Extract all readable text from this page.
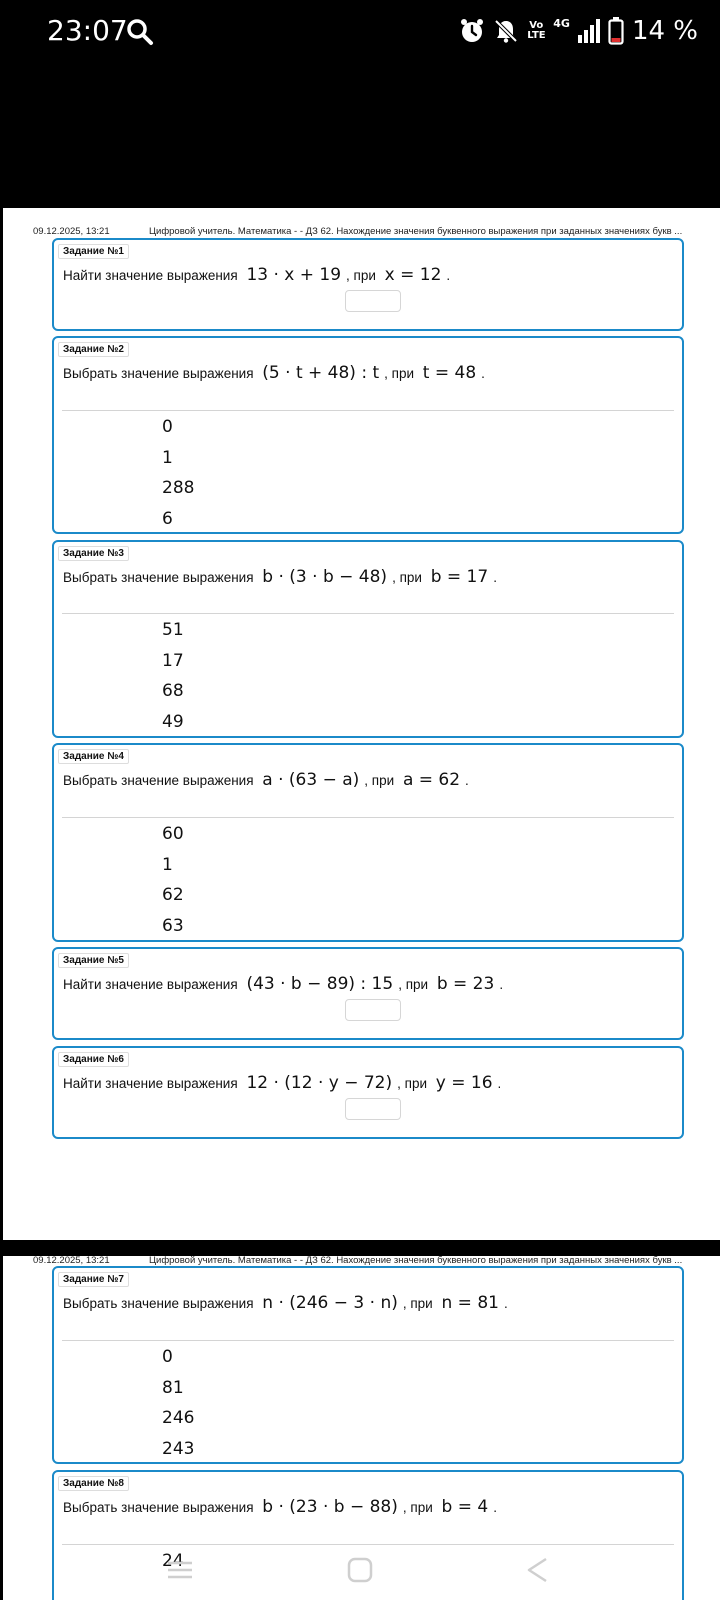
23:07	Vo LTE
4G 14 %
09.12.2025, 13:21	Цифровой учитель. Математика - - ДЗ 62. Нахождение значения буквенного выражения при заданных значениях букв ...
Задание №1
Найти значение выражения 13 · x + 19 , при x = 12 .
Задание №2
Выбрать значение выражения (5 · t + 48) : t , при t = 48 .
0
1
288
6
Задание №3
Выбрать значение выражения b · (3 · b − 48) , при b = 17 .
51
17
68
49
Задание №4
Выбрать значение выражения a · (63 − a) , при a = 62 .
60
1
62
63
Задание №5
Найти значение выражения (43 · b − 89) : 15 , при b = 23 .
Задание №6
Найти значение выражения 12 · (12 · y − 72) , при y = 16 .
09.12.2025, 13:21	Цифровой учитель. Математика - - ДЗ 62. Нахождение значения буквенного выражения при заданных значениях букв ...
Задание №7
Выбрать значение выражения n · (246 − 3 · n) , при n = 81 .
0
81
246
243
Задание №8
Выбрать значение выражения b · (23 · b − 88) , при b = 4 .
24
